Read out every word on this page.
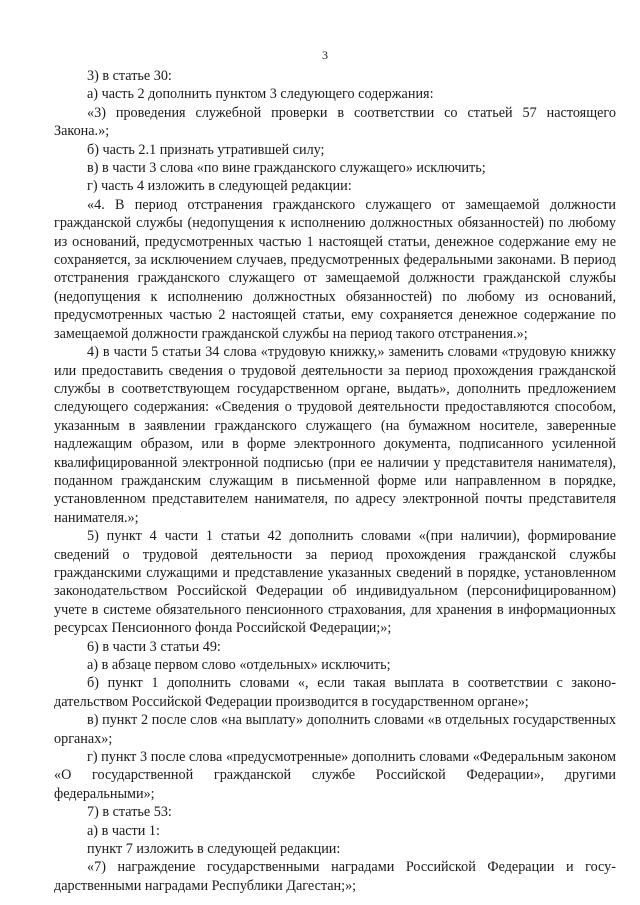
3

3) в статье 30:

а) часть 2 дополнить пунктом 3 следующего содержания:

«3) проведения служебной проверки в соответствии со статьей 57 настоящего Закона.»;

б) часть 2.1 признать утратившей силу;

в) в части 3 слова «по вине гражданского служащего» исключить;

г) часть 4 изложить в следующей редакции:

«4. В период отстранения гражданского служащего от замещаемой должности гражданской службы (недопущения к исполнению должностных обязанностей) по любому из оснований, предусмотренных частью 1 настоящей статьи, денежное содержание ему не сохраняется, за исключением случаев, предусмотренных федеральными законами. В период отстранения гражданского служащего от замещаемой должности гражданской службы (недопущения к исполнению должностных обязанностей) по любому из оснований, предусмотренных частью 2 настоящей статьи, ему сохраняется денежное содержание по замещаемой должности гражданской службы на период такого отстранения.»;

4) в части 5 статьи 34 слова «трудовую книжку,» заменить словами «трудовую книжку или предоставить сведения о трудовой деятельности за период прохождения гражданской службы в соответствующем государственном органе, выдать», дополнить предложением следующего содержания: «Сведения о трудовой деятельности предоставляются способом, указанным в заявлении гражданского служащего (на бумажном носителе, заверенные надлежащим образом, или в форме электронного документа, подписанного усиленной квалифицированной электронной подписью (при ее наличии у представителя нанимателя), поданном гражданским служащим в письменной форме или направленном в порядке, установленном представителем нанимателя, по адресу электронной почты представителя нанимателя.»;

5) пункт 4 части 1 статьи 42 дополнить словами «(при наличии), формирование сведений о трудовой деятельности за период прохождения гражданской службы гражданскими служащими и представление указанных сведений в порядке, установленном законодательством Российской Федерации об индивидуальном (персонифицированном) учете в системе обязательного пенсионного страхования, для хранения в информационных ресурсах Пенсионного фонда Российской Федерации;»;

6) в части 3 статьи 49:

а) в абзаце первом слово «отдельных» исключить;

б) пункт 1 дополнить словами «, если такая выплата в соответствии с законодательством Российской Федерации производится в государственном органе»;

в) пункт 2 после слов «на выплату» дополнить словами «в отдельных государственных органах»;

г) пункт 3 после слова «предусмотренные» дополнить словами «Федеральным законом «О государственной гражданской службе Российской Федерации», другими федеральными»;

7) в статье 53:

а) в части 1:

пункт 7 изложить в следующей редакции:

«7) награждение государственными наградами Российской Федерации и государственными наградами Республики Дагестан;»;
